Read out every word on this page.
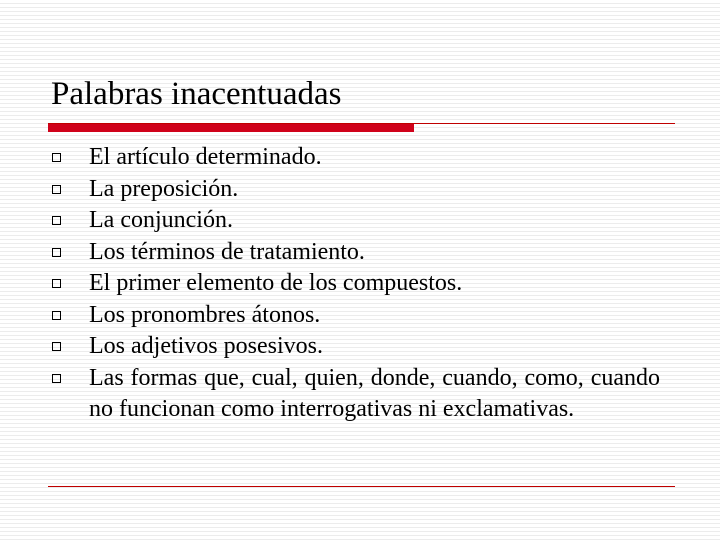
Palabras inacentuadas
El artículo determinado.
La preposición.
La conjunción.
Los términos de tratamiento.
El primer elemento de los compuestos.
Los pronombres átonos.
Los adjetivos posesivos.
Las formas que, cual, quien, donde, cuando, como, cuando no funcionan como interrogativas ni exclamativas.
